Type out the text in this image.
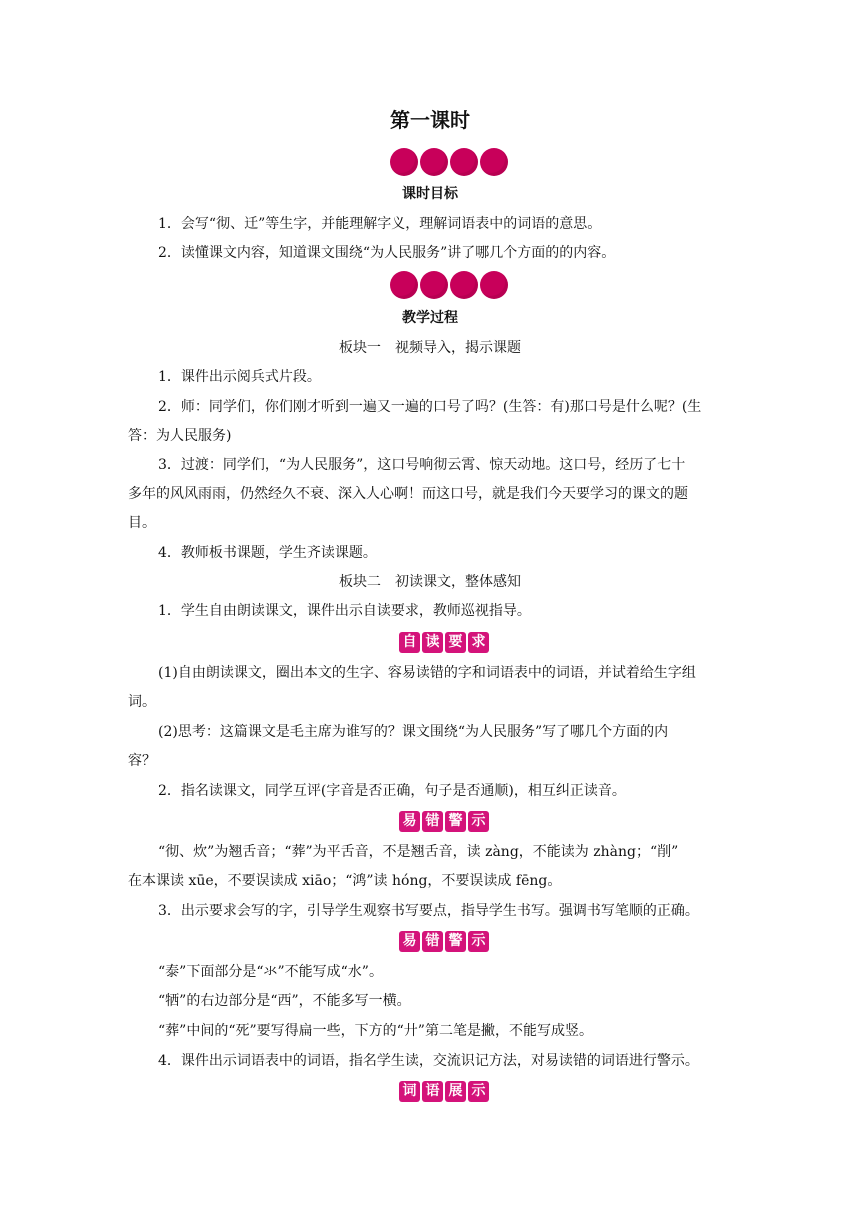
第一课时
课时目标
1．会写“彻、迁”等生字，并能理解字义，理解词语表中的词语的意思。
2．读懂课文内容，知道课文围绕“为人民服务”讲了哪几个方面的的内容。
教学过程
板块一　视频导入，揭示课题
1．课件出示阅兵式片段。
2．师：同学们，你们刚才听到一遍又一遍的口号了吗？(生答：有)那口号是什么呢？(生
答：为人民服务)
3．过渡：同学们，“为人民服务”，这口号响彻云霄、惊天动地。这口号，经历了七十
多年的风风雨雨，仍然经久不衰、深入人心啊！而这口号，就是我们今天要学习的课文的题
目。
4．教师板书课题，学生齐读课题。
板块二　初读课文，整体感知
1．学生自由朗读课文，课件出示自读要求，教师巡视指导。
自 读 要 求
(1)自由朗读课文，圈出本文的生字、容易读错的字和词语表中的词语，并试着给生字组
词。
(2)思考：这篇课文是毛主席为谁写的？课文围绕“为人民服务”写了哪几个方面的内
容？
2．指名读课文，同学互评(字音是否正确，句子是否通顺)，相互纠正读音。
易 错 警 示
“彻、炊”为翘舌音；“葬”为平舌音，不是翘舌音，读 zàng，不能读为 zhàng；“削”
在本课读 xūe，不要误读成 xiāo；“鸿”读 hóng，不要误读成 fēng。
3．出示要求会写的字，引导学生观察书写要点，指导学生书写。强调书写笔顺的正确。
易 错 警 示
“泰”下面部分是“氺”不能写成“水”。
“牺”的右边部分是“西”，不能多写一横。
“葬”中间的“死”要写得扁一些，下方的“廾”第二笔是撇，不能写成竖。
4．课件出示词语表中的词语，指名学生读，交流识记方法，对易读错的词语进行警示。
词 语 展 示
